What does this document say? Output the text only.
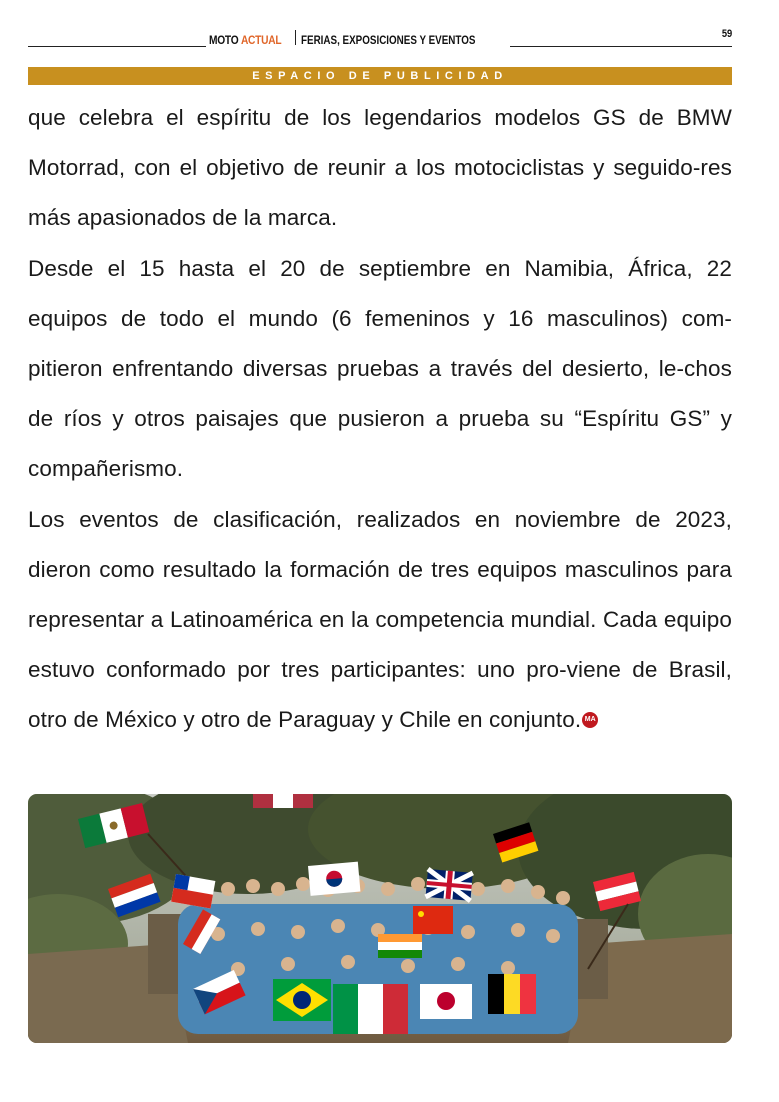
MOTO ACTUAL FERIAS, EXPOSICIONES Y EVENTOS	59
ESPACIO DE PUBLICIDAD

que celebra el espíritu de los legendarios modelos GS de BMW Motorrad, con el objetivo de reunir a los motociclistas y seguido-res más apasionados de la marca.

Desde el 15 hasta el 20 de septiembre en Namibia, África, 22 equipos de todo el mundo (6 femeninos y 16 masculinos) com-pitieron enfrentando diversas pruebas a través del desierto, le-chos de ríos y otros paisajes que pusieron a prueba su “Espíritu GS” y compañerismo.

Los eventos de clasificación, realizados en noviembre de 2023, dieron como resultado la formación de tres equipos masculinos para representar a Latinoamérica en la competencia mundial. Cada equipo estuvo conformado por tres participantes: uno pro-viene de Brasil, otro de México y otro de Paraguay y Chile en conjunto. MA
